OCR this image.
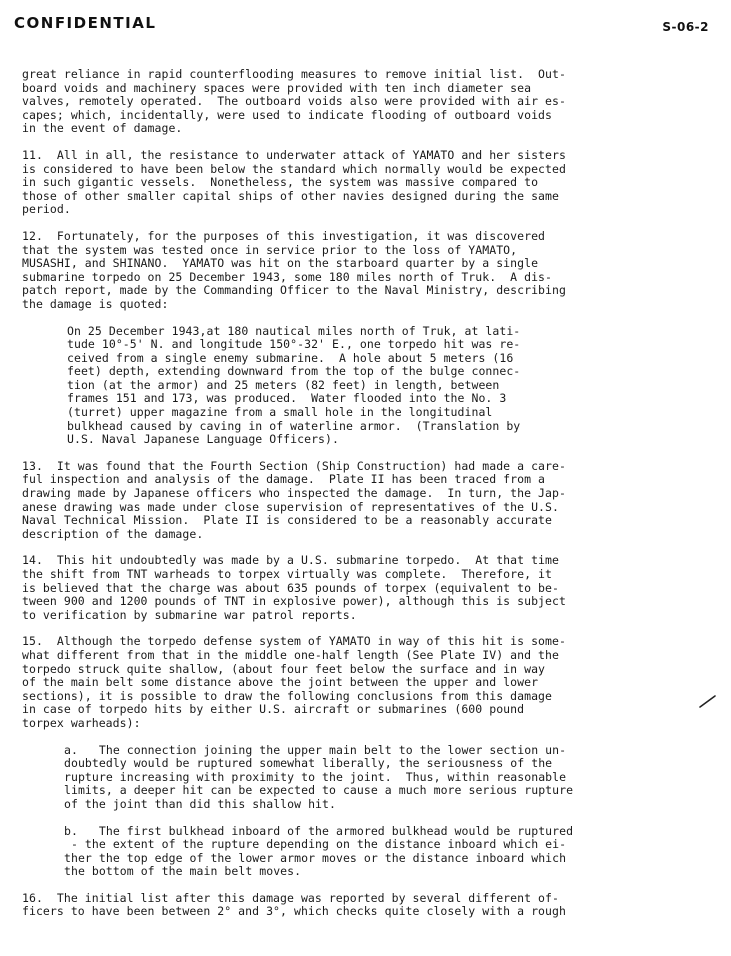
CONFIDENTIAL	S-06-2

great reliance in rapid counterflooding measures to remove initial list.  Out-
board voids and machinery spaces were provided with ten inch diameter sea
valves, remotely operated.  The outboard voids also were provided with air es-
capes; which, incidentally, were used to indicate flooding of outboard voids
in the event of damage.

11.  All in all, the resistance to underwater attack of YAMATO and her sisters
is considered to have been below the standard which normally would be expected
in such gigantic vessels.  Nonetheless, the system was massive compared to
those of other smaller capital ships of other navies designed during the same
period.

12.  Fortunately, for the purposes of this investigation, it was discovered
that the system was tested once in service prior to the loss of YAMATO,
MUSASHI, and SHINANO.  YAMATO was hit on the starboard quarter by a single
submarine torpedo on 25 December 1943, some 180 miles north of Truk.  A dis-
patch report, made by the Commanding Officer to the Naval Ministry, describing
the damage is quoted:

On 25 December 1943,at 180 nautical miles north of Truk, at lati-
tude 10°-5' N. and longitude 150°-32' E., one torpedo hit was re-
ceived from a single enemy submarine.  A hole about 5 meters (16
feet) depth, extending downward from the top of the bulge connec-
tion (at the armor) and 25 meters (82 feet) in length, between
frames 151 and 173, was produced.  Water flooded into the No. 3
(turret) upper magazine from a small hole in the longitudinal
bulkhead caused by caving in of waterline armor.  (Translation by
U.S. Naval Japanese Language Officers).

13.  It was found that the Fourth Section (Ship Construction) had made a care-
ful inspection and analysis of the damage.  Plate II has been traced from a
drawing made by Japanese officers who inspected the damage.  In turn, the Jap-
anese drawing was made under close supervision of representatives of the U.S.
Naval Technical Mission.  Plate II is considered to be a reasonably accurate
description of the damage.

14.  This hit undoubtedly was made by a U.S. submarine torpedo.  At that time
the shift from TNT warheads to torpex virtually was complete.  Therefore, it
is believed that the charge was about 635 pounds of torpex (equivalent to be-
tween 900 and 1200 pounds of TNT in explosive power), although this is subject
to verification by submarine war patrol reports.

15.  Although the torpedo defense system of YAMATO in way of this hit is some-
what different from that in the middle one-half length (See Plate IV) and the
torpedo struck quite shallow, (about four feet below the surface and in way
of the main belt some distance above the joint between the upper and lower
sections), it is possible to draw the following conclusions from this damage
in case of torpedo hits by either U.S. aircraft or submarines (600 pound
torpex warheads):

a.   The connection joining the upper main belt to the lower section un-
doubtedly would be ruptured somewhat liberally, the seriousness of the
rupture increasing with proximity to the joint.  Thus, within reasonable
limits, a deeper hit can be expected to cause a much more serious rupture
of the joint than did this shallow hit.

b.   The first bulkhead inboard of the armored bulkhead would be ruptured
- the extent of the rupture depending on the distance inboard which ei-
ther the top edge of the lower armor moves or the distance inboard which
the bottom of the main belt moves.

16.  The initial list after this damage was reported by several different of-
ficers to have been between 2° and 3°, which checks quite closely with a rough
